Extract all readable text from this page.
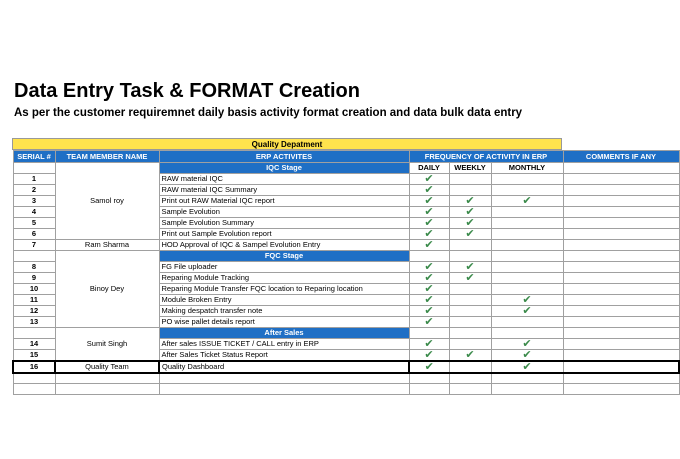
Data Entry Task & FORMAT Creation
As per the customer requiremnet daily basis activity format creation and data bulk data entry
Quality Depatment
SERIAL #	TEAM MEMBER NAME	ERP ACTIVITES	FREQUENCY OF ACTIVITY IN ERP			COMMENTS IF ANY
	Samol roy	IQC Stage	DAILY	WEEKLY	MONTHLY	
1		RAW material IQC	✔			
2		RAW material IQC Summary	✔			
3		Print out RAW Material IQC report	✔	✔	✔	
4		Sample Evolution	✔	✔		
5		Sample Evolution Summary	✔	✔		
6		Print out Sample Evolution report	✔	✔		
7	Ram Sharma	HOD Approval of IQC & Sampel Evolution Entry	✔			
	Binoy Dey	FQC Stage				
8		FG File uploader	✔	✔		
9		Reparing Module Tracking	✔	✔		
10		Reparing Module Transfer FQC location to Reparing location	✔			
11		Module Broken Entry	✔		✔	
12		Making despatch transfer note	✔		✔	
13		PO wise pallet details report	✔			
	Sumit Singh	After Sales				
14		After sales ISSUE TICKET / CALL entry in ERP	✔		✔	
15		After Sales Ticket Status Report	✔	✔	✔	
16	Quality Team	Quality Dashboard	✔		✔	
